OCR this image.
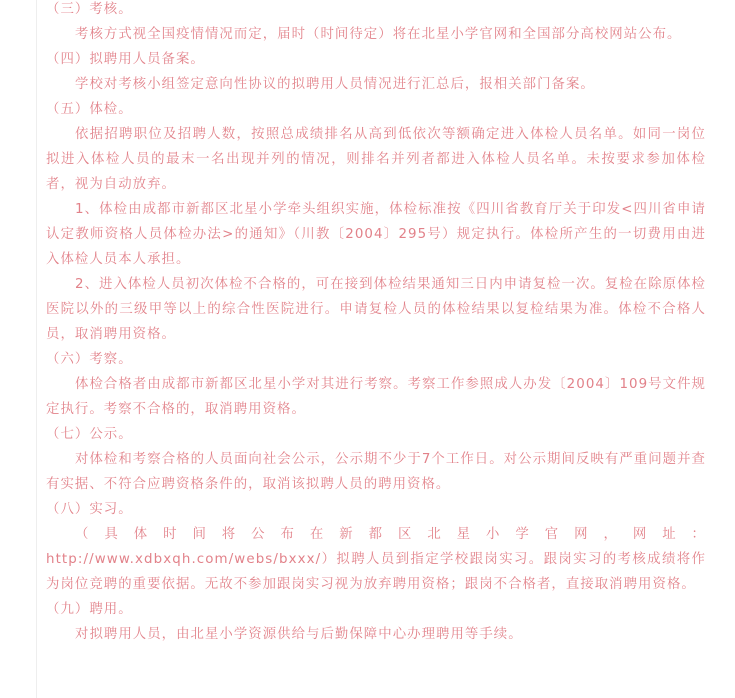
（三）考核。

考核方式视全国疫情情况而定，届时（时间待定）将在北星小学官网和全国部分高校网站公布。

（四）拟聘用人员备案。

学校对考核小组签定意向性协议的拟聘用人员情况进行汇总后，报相关部门备案。

（五）体检。

依据招聘职位及招聘人数，按照总成绩排名从高到低依次等额确定进入体检人员名单。如同一岗位拟进入体检人员的最末一名出现并列的情况，则排名并列者都进入体检人员名单。未按要求参加体检者，视为自动放弃。

1、体检由成都市新都区北星小学牵头组织实施，体检标准按《四川省教育厅关于印发<四川省申请认定教师资格人员体检办法>的通知》（川教〔2004〕295号）规定执行。体检所产生的一切费用由进入体检人员本人承担。

2、进入体检人员初次体检不合格的，可在接到体检结果通知三日内申请复检一次。复检在除原体检医院以外的三级甲等以上的综合性医院进行。申请复检人员的体检结果以复检结果为准。体检不合格人员，取消聘用资格。

（六）考察。

体检合格者由成都市新都区北星小学对其进行考察。考察工作参照成人办发〔2004〕109号文件规定执行。考察不合格的，取消聘用资格。

（七）公示。

对体检和考察合格的人员面向社会公示，公示期不少于7个工作日。对公示期间反映有严重问题并查有实据、不符合应聘资格条件的，取消该拟聘人员的聘用资格。

（八）实习。

（具体时间将公布在新都区北星小学官网，网址：

http://www.xdbxqh.com/webs/bxxx/）拟聘人员到指定学校跟岗实习。跟岗实习的考核成绩将作为岗位竞聘的重要依据。无故不参加跟岗实习视为放弃聘用资格；跟岗不合格者，直接取消聘用资格。

（九）聘用。

对拟聘用人员，由北星小学资源供给与后勤保障中心办理聘用等手续。
